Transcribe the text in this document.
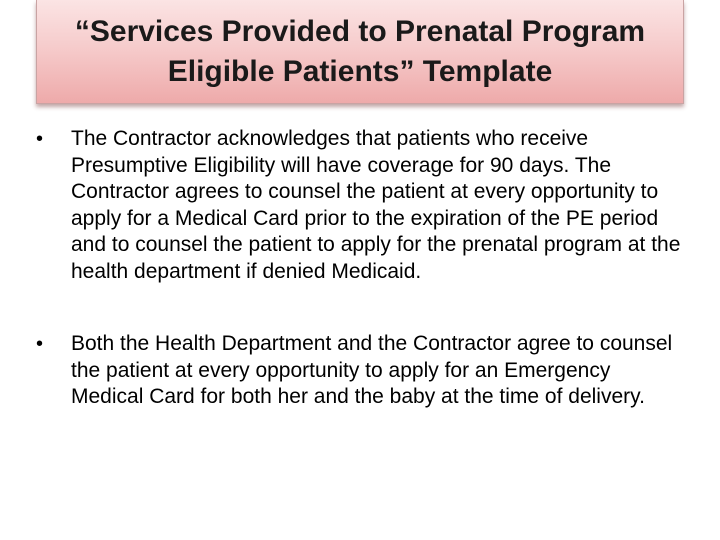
“Services Provided to Prenatal Program
Eligible Patients” Template
•	The Contractor acknowledges that patients who receive Presumptive Eligibility will have coverage for 90 days. The Contractor agrees to counsel the patient at every opportunity to apply for a Medical Card prior to the expiration of the PE period and to counsel the patient to apply for the prenatal program at the health department if denied Medicaid.
•	Both the Health Department and the Contractor agree to counsel the patient at every opportunity to apply for an Emergency Medical Card for both her and the baby at the time of delivery.
